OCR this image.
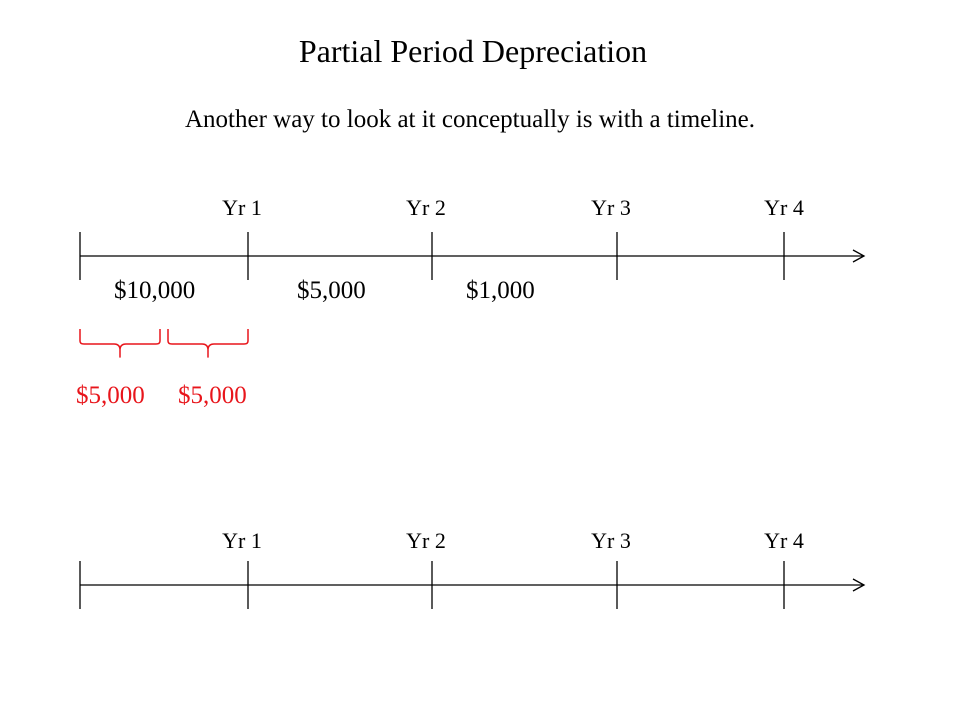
Partial Period Depreciation
Another way to look at it conceptually is with a timeline.
Yr 1	Yr 2	Yr 3	Yr 4
$10,000	$5,000	$1,000
$5,000 $5,000
Yr 1	Yr 2	Yr 3	Yr 4
